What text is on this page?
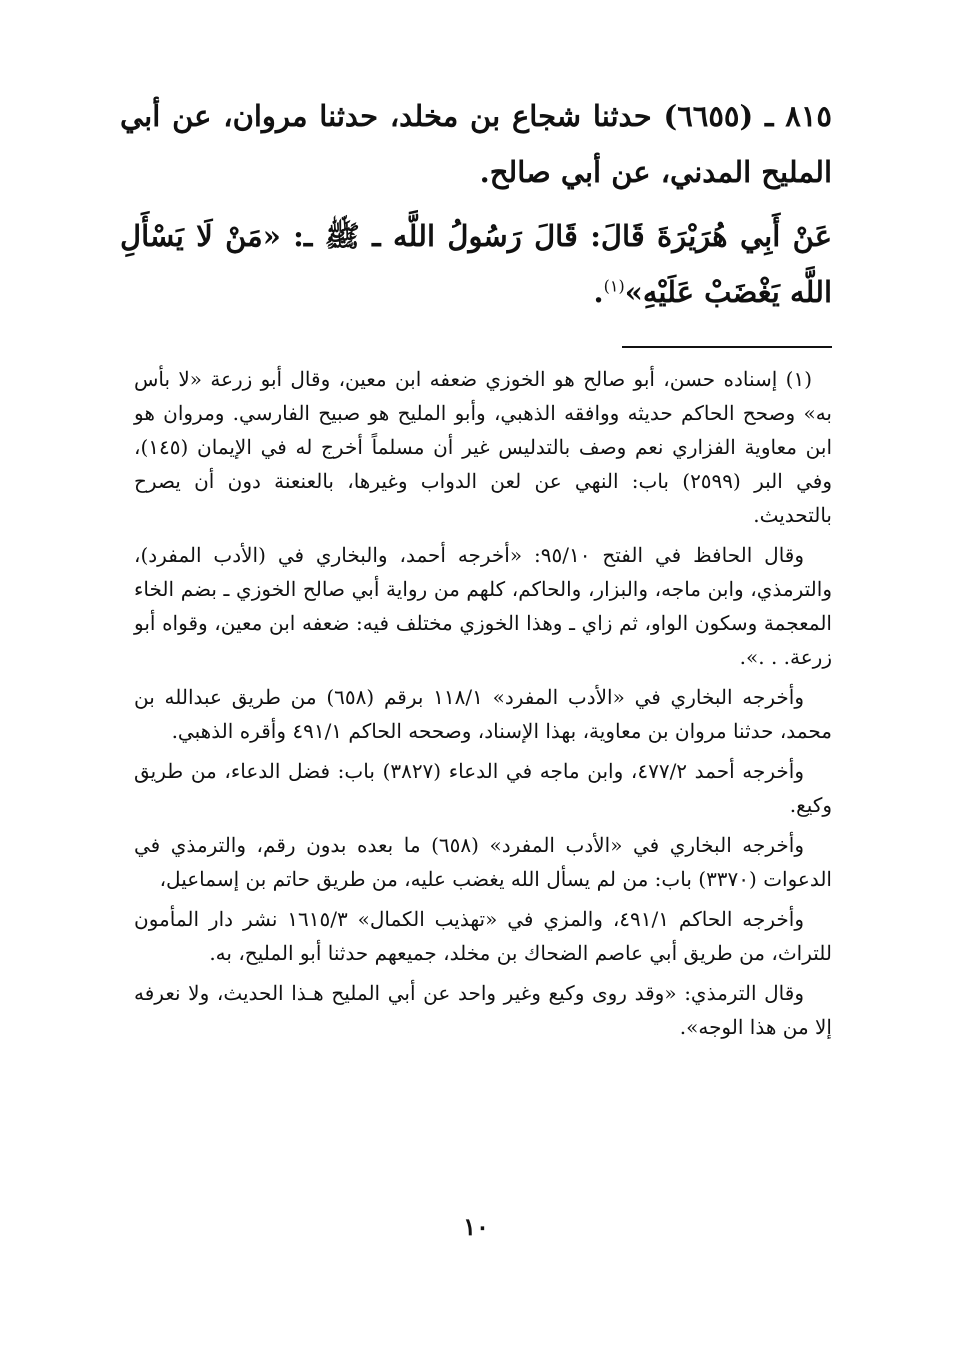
٨١٥ ـ (٦٦٥٥) حدثنا شجاع بن مخلد، حدثنا مروان، عن أبي المليح المدني، عن أبي صالح.

عَنْ أَبِي هُرَيْرَةَ قَالَ: قَالَ رَسُولُ اللَّه ـ ﷺ ـ: «مَنْ لَا يَسْأَلِ اللَّه يَغْضَبْ عَلَيْهِ»$^{(١)}$.

(١) إسناده حسن، أبو صالح هو الخوزي ضعفه ابن معين، وقال أبو زرعة «لا بأس به» وصحح الحاكم حديثه ووافقه الذهبي، وأبو المليح هو صبيح الفارسي. ومروان هو ابن معاوية الفزاري نعم وصف بالتدليس غير أن مسلماً أخرج له في الإيمان (١٤٥)، وفي البر (٢٥٩٩) باب: النهي عن لعن الدواب وغيرها، بالعنعنة دون أن يصرح بالتحديث.

وقال الحافظ في الفتح ٩٥/١٠: «أخرجه أحمد، والبخاري في (الأدب المفرد)، والترمذي، وابن ماجه، والبزار، والحاكم، كلهم من رواية أبي صالح الخوزي ـ بضم الخاء المعجمة وسكون الواو، ثم زاي ـ وهذا الخوزي مختلف فيه: ضعفه ابن معين، وقواه أبو زرعة. . .».

وأخرجه البخاري في «الأدب المفرد» ١١٨/١ برقم (٦٥٨) من طريق عبدالله بن محمد، حدثنا مروان بن معاوية، بهذا الإسناد، وصححه الحاكم ٤٩١/١ وأقره الذهبي.

وأخرجه أحمد ٤٧٧/٢، وابن ماجه في الدعاء (٣٨٢٧) باب: فضل الدعاء، من طريق وكيع.

وأخرجه البخاري في «الأدب المفرد» (٦٥٨) ما بعده بدون رقم، والترمذي في الدعوات (٣٣٧٠) باب: من لم يسأل الله يغضب عليه، من طريق حاتم بن إسماعيل،

وأخرجه الحاكم ٤٩١/١، والمزي في «تهذيب الكمال» ١٦١٥/٣ نشر دار المأمون للتراث، من طريق أبي عاصم الضحاك بن مخلد، جميعهم حدثنا أبو المليح، به.

وقال الترمذي: «وقد روى وكيع وغير واحد عن أبي المليح هـذا الحديث، ولا نعرفه إلا من هذا الوجه».

١٠
